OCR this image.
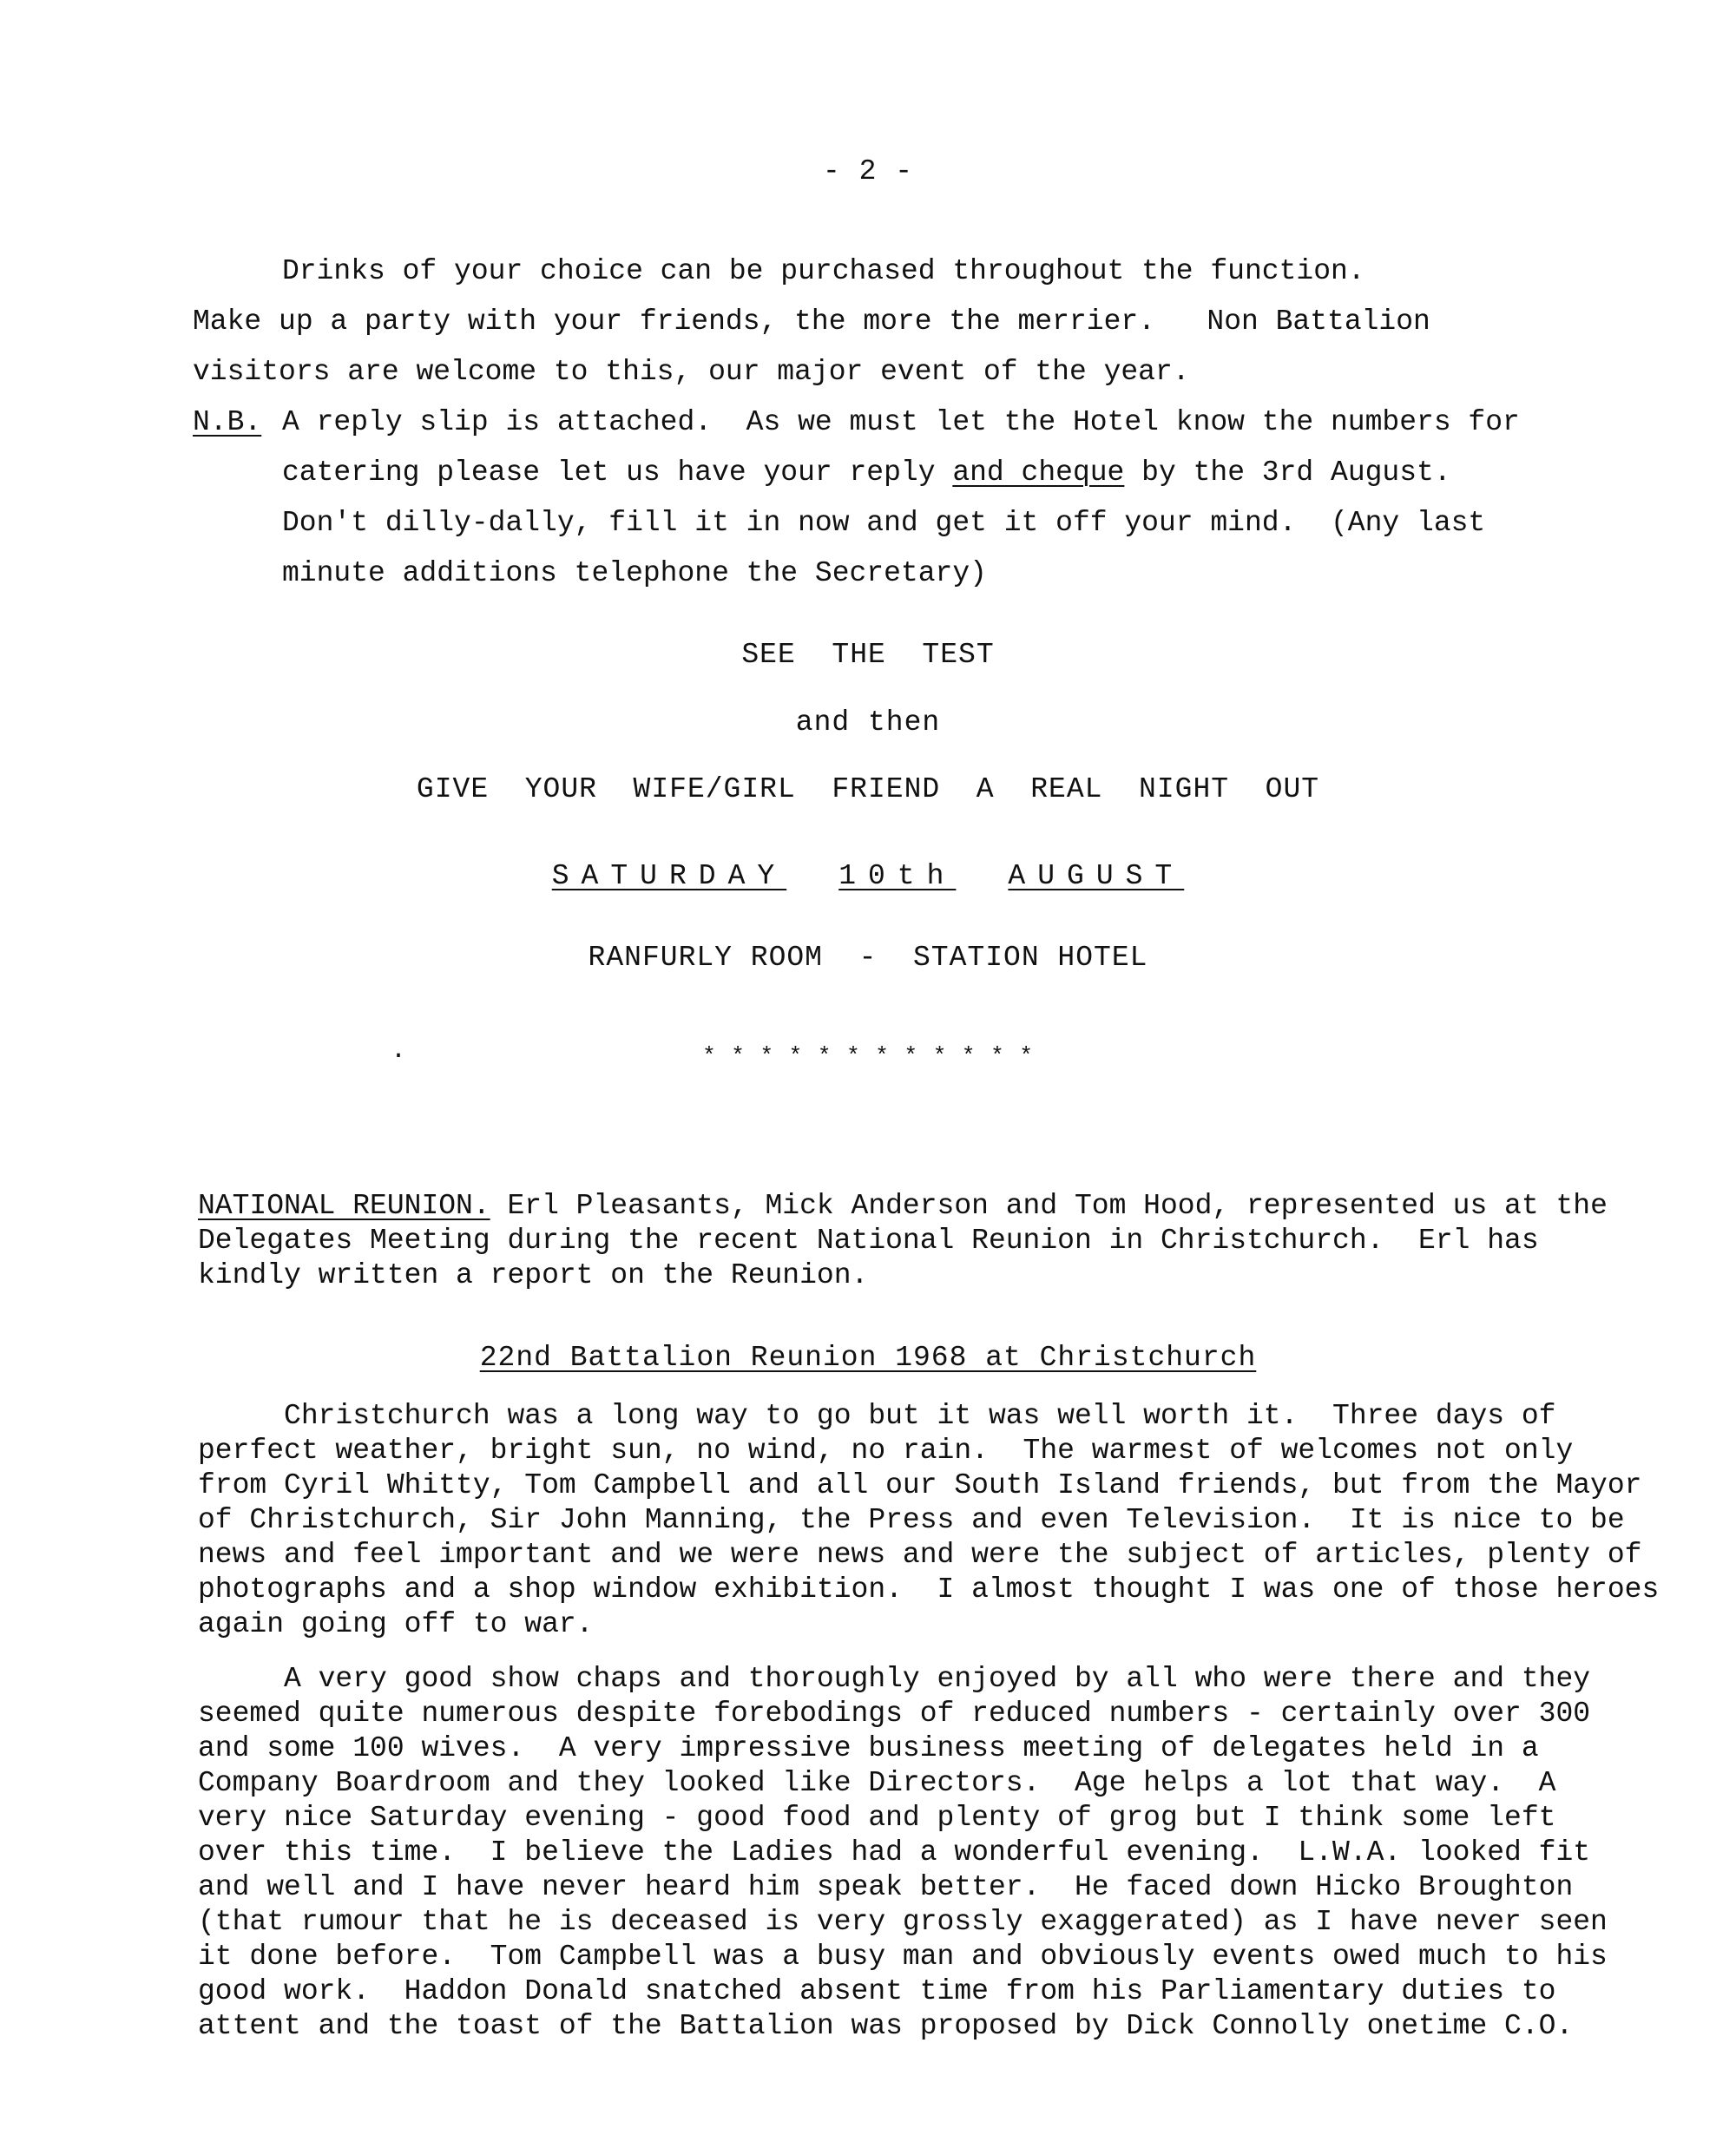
- 2 -
Drinks of your choice can be purchased throughout the function.
Make up a party with your friends, the more the merrier.   Non Battalion
visitors are welcome to this, our major event of the year.
N.B. A reply slip is attached.  As we must let the Hotel know the numbers for
catering please let us have your reply and cheque by the 3rd August.
Don't dilly-dally, fill it in now and get it off your mind.  (Any last
minute additions telephone the Secretary)
SEE  THE  TEST
and then
GIVE  YOUR  WIFE/GIRL  FRIEND  A  REAL  NIGHT  OUT
SATURDAY 10th AUGUST
RANFURLY ROOM  -  STATION HOTEL
·	* * * * * * * * * * * *
NATIONAL REUNION. Erl Pleasants, Mick Anderson and Tom Hood, represented us at the
Delegates Meeting during the recent National Reunion in Christchurch.  Erl has
kindly written a report on the Reunion.
22nd Battalion Reunion 1968 at Christchurch

Christchurch was a long way to go but it was well worth it.  Three days of

perfect weather, bright sun, no wind, no rain.  The warmest of welcomes not only

from Cyril Whitty, Tom Campbell and all our South Island friends, but from the Mayor

of Christchurch, Sir John Manning, the Press and even Television.  It is nice to be

news and feel important and we were news and were the subject of articles, plenty of

photographs and a shop window exhibition.  I almost thought I was one of those heroes

again going off to war.

A very good show chaps and thoroughly enjoyed by all who were there and they

seemed quite numerous despite forebodings of reduced numbers - certainly over 300

and some 100 wives.  A very impressive business meeting of delegates held in a

Company Boardroom and they looked like Directors.  Age helps a lot that way.  A

very nice Saturday evening - good food and plenty of grog but I think some left

over this time.  I believe the Ladies had a wonderful evening.  L.W.A. looked fit

and well and I have never heard him speak better.  He faced down Hicko Broughton

(that rumour that he is deceased is very grossly exaggerated) as I have never seen

it done before.  Tom Campbell was a busy man and obviously events owed much to his

good work.  Haddon Donald snatched absent time from his Parliamentary duties to

attent and the toast of the Battalion was proposed by Dick Connolly onetime C.O.
